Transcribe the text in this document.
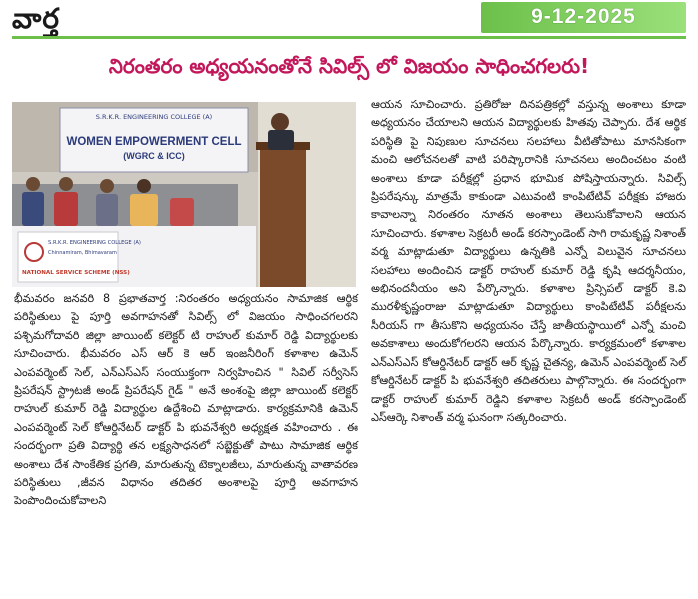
వార్త	9-12-2025
నిరంతరం అధ్యయనంతోనే సివిల్స్ లో విజయం సాధించగలరు!
S.R.K.R. ENGINEERING COLLEGE (A)
WOMEN EMPOWERMENT CELL
(WGRC & ICC)
S.R.K.R. ENGINEERING COLLEGE (A)
Chinnamiram, Bhimavaram
NATIONAL SERVICE SCHEME (NSS)
భీమవరం జనవరి 8 ప్రభాతవార్త :నిరంతరం అధ్యయనం సామాజిక ఆర్థిక పరిస్థితులు పై పూర్తి అవగాహనతో సివిల్స్ లో విజయం సాధించగలరని పశ్చిమగోదావరి జిల్లా జాయింట్ కలెక్టర్ టి రాహుల్ కుమార్ రెడ్డి విద్యార్థులకు సూచించారు. భీమవరం ఎస్ ఆర్ కె ఆర్ ఇంజనీరింగ్ కళాశాల ఉమెన్ ఎంపవర్మెంట్ సెల్, ఎన్ఎస్ఎస్ సంయుక్తంగా నిర్వహించిన " సివిల్ సర్వీసెస్ ప్రిపరేషన్ స్ట్రాటజీ అండ్ ప్రిపరేషన్ గైడ్ " అనే అంశంపై జిల్లా జాయింట్ కలెక్టర్ రాహుల్ కుమార్ రెడ్డి విద్యార్థుల ఉద్దేశించి మాట్లాడారు. కార్యక్రమానికి ఉమెన్ ఎంపవర్మెంట్ సెల్ కోఆర్డినేటర్ డాక్టర్ పి భువనేశ్వరి అధ్యక్షత వహించారు . ఈ సందర్భంగా ప్రతి విద్యార్థి తన లక్ష్యసాధనలో సబ్జెక్టుతో పాటు సామాజిక ఆర్థిక అంశాలు దేశ సాంకేతిక ప్రగతి, మారుతున్న టెక్నాలజీలు, మారుతున్న వాతావరణ పరిస్థితులు ,జీవన విధానం తదితర అంశాలపై పూర్తి అవగాహన పెంపొందించుకోవాలని
ఆయన సూచించారు. ప్రతిరోజు దినపత్రికల్లో వస్తున్న అంశాలు కూడా అధ్యయనం చేయాలని ఆయన విద్యార్థులకు హితవు చెప్పారు. దేశ ఆర్థిక పరిస్థితి పై నిపుణుల సూచనలు సలహాలు వీటితోపాటు మానసికంగా మంచి ఆలోచనలతో వాటి పరిష్కారానికి సూచనలు అందించటం వంటి అంశాలు కూడా పరీక్షల్లో ప్రధాన భూమిక పోషిస్తాయన్నారు. సివిల్స్ ప్రిపరేషన్కు మాత్రమే కాకుండా ఎటువంటి కాంపిటేటివ్ పరీక్షకు హాజరు కావాలన్నా నిరంతరం నూతన అంశాలు తెలుసుకోవాలని ఆయన సూచించారు. కళాశాల సెక్రటరీ అండ్ కరస్పాండెంట్ సాగి రామకృష్ణ నిశాంత్ వర్మ మాట్లాడుతూ విద్యార్థులు ఉన్నతికి ఎన్నో విలువైన సూచనలు సలహాలు అందించిన డాక్టర్ రాహుల్ కుమార్ రెడ్డి కృషి ఆదర్శనీయం, అభినందనీయం అని పేర్కొన్నారు. కళాశాల ప్రిన్సిపల్ డాక్టర్ కె.వి మురళీకృష్ణంరాజు మాట్లాడుతూ విద్యార్థులు కాంపిటేటివ్ పరీక్షలను సీరియస్ గా తీసుకొని అధ్యయనం చేస్తే జాతీయస్థాయిలో ఎన్నో మంచి అవకాశాలు అందుకోగలరని ఆయన పేర్కొన్నారు. కార్యక్రమంలో కళాశాల ఎన్ఎస్ఎస్ కోఆర్డినేటర్ డాక్టర్ ఆర్ కృష్ణ చైతన్య, ఉమెన్ ఎంపవర్మెంట్ సెల్ కోఆర్డినేటర్ డాక్టర్ పి భువనేశ్వరి తదితరులు పాల్గొన్నారు. ఈ సందర్భంగా డాక్టర్ రాహుల్ కుమార్ రెడ్డిని కళాశాల సెక్రటరీ అండ్ కరస్పాండెంట్ ఎస్ఆర్కె నిశాంత్ వర్మ ఘనంగా సత్కరించారు.
